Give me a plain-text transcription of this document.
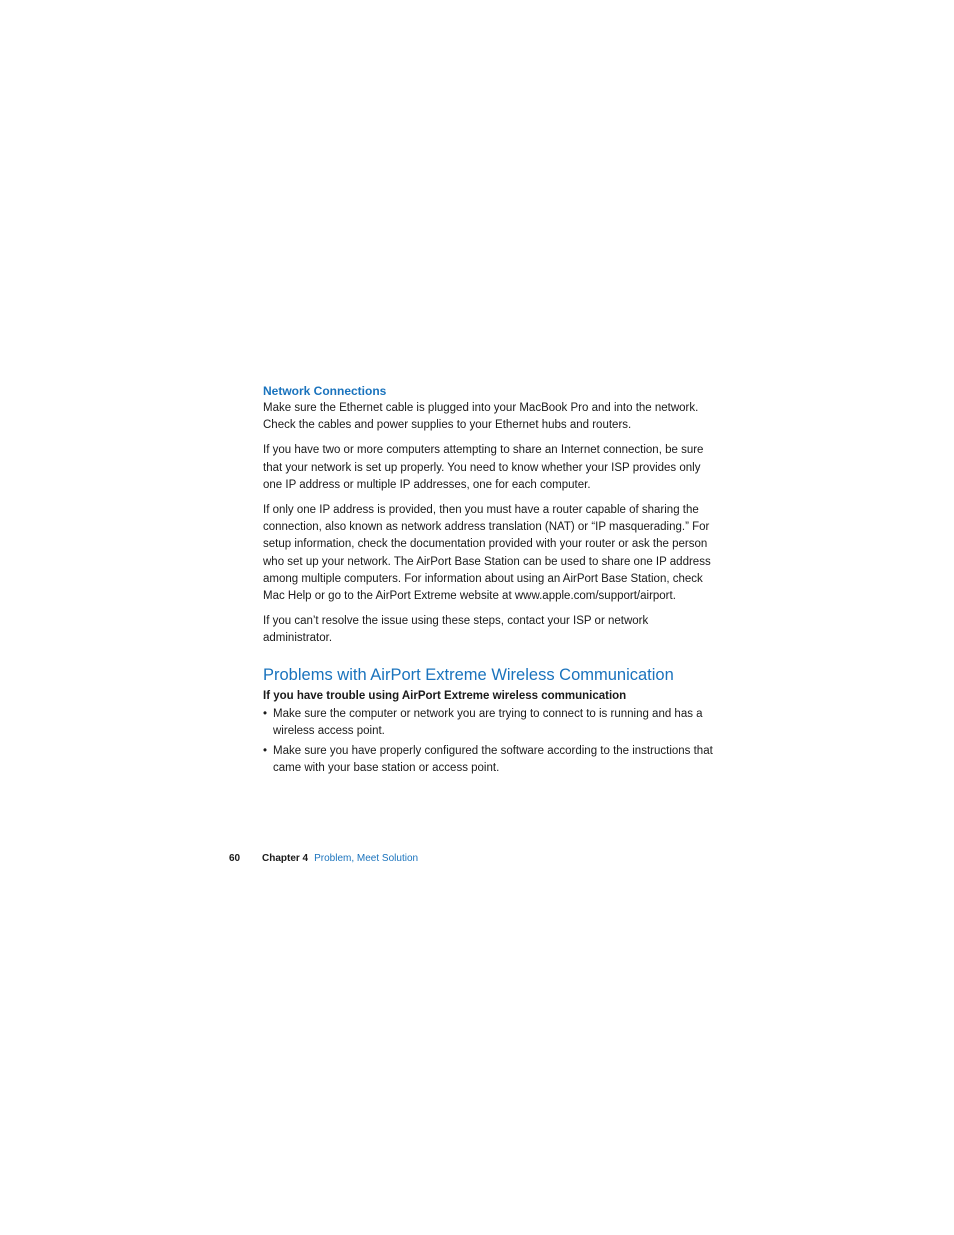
Network Connections

Make sure the Ethernet cable is plugged into your MacBook Pro and into the network. Check the cables and power supplies to your Ethernet hubs and routers.

If you have two or more computers attempting to share an Internet connection, be sure that your network is set up properly. You need to know whether your ISP provides only one IP address or multiple IP addresses, one for each computer.

If only one IP address is provided, then you must have a router capable of sharing the connection, also known as network address translation (NAT) or “IP masquerading.” For setup information, check the documentation provided with your router or ask the person who set up your network. The AirPort Base Station can be used to share one IP address among multiple computers. For information about using an AirPort Base Station, check Mac Help or go to the AirPort Extreme website at www.apple.com/support/airport.

If you can’t resolve the issue using these steps, contact your ISP or network administrator.

Problems with AirPort Extreme Wireless Communication
If you have trouble using AirPort Extreme wireless communication
• Make sure the computer or network you are trying to connect to is running and has a wireless access point.
• Make sure you have properly configured the software according to the instructions that came with your base station or access point.
60 Chapter 4 Problem, Meet Solution
